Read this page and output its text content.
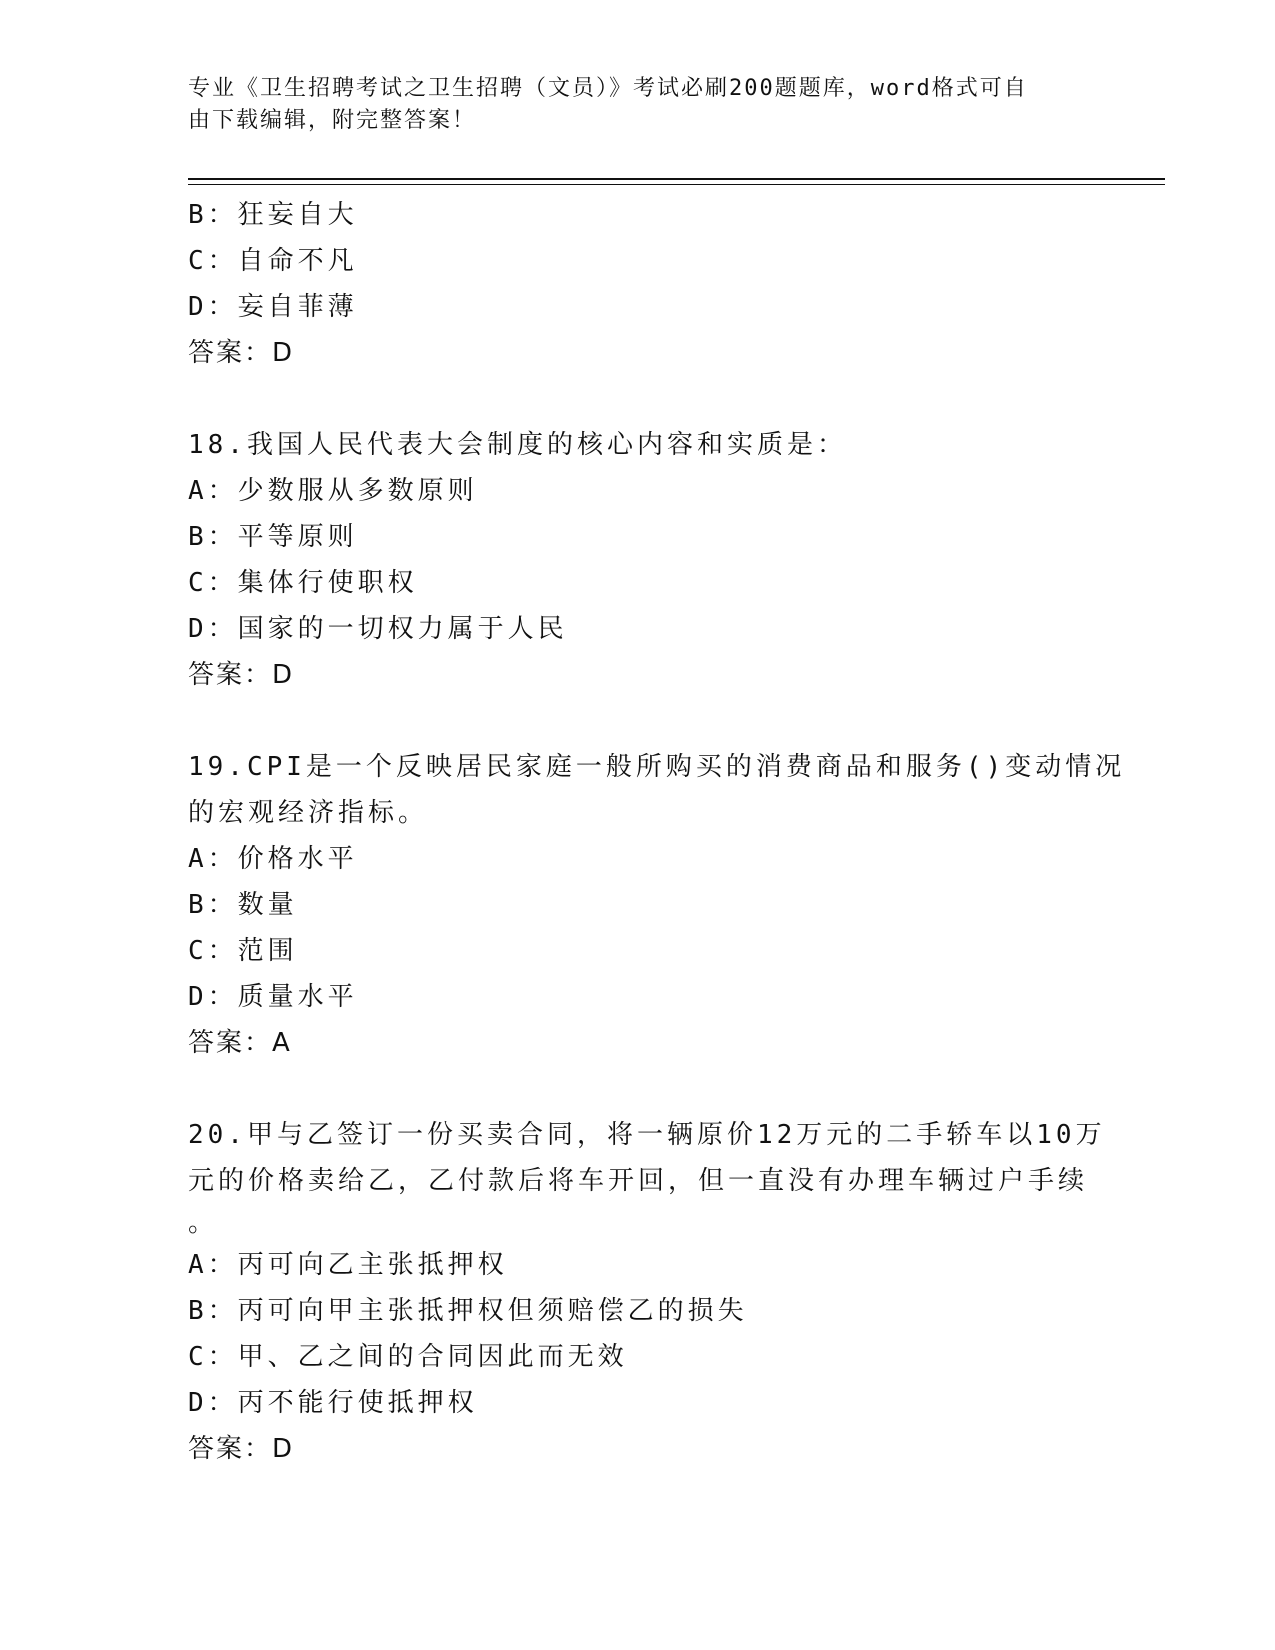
专业《卫生招聘考试之卫生招聘（文员）》考试必刷200题题库，word格式可自
由下载编辑，附完整答案！
B：狂妄自大
C：自命不凡
D：妄自菲薄
答案：D
18.我国人民代表大会制度的核心内容和实质是：
A：少数服从多数原则
B：平等原则
C：集体行使职权
D：国家的一切权力属于人民
答案：D
19.CPI是一个反映居民家庭一般所购买的消费商品和服务()变动情况
的宏观经济指标。
A：价格水平
B：数量
C：范围
D：质量水平
答案：A
20.甲与乙签订一份买卖合同，将一辆原价12万元的二手轿车以10万
元的价格卖给乙，乙付款后将车开回，但一直没有办理车辆过户手续
。
A：丙可向乙主张抵押权
B：丙可向甲主张抵押权但须赔偿乙的损失
C：甲、乙之间的合同因此而无效
D：丙不能行使抵押权
答案：D
